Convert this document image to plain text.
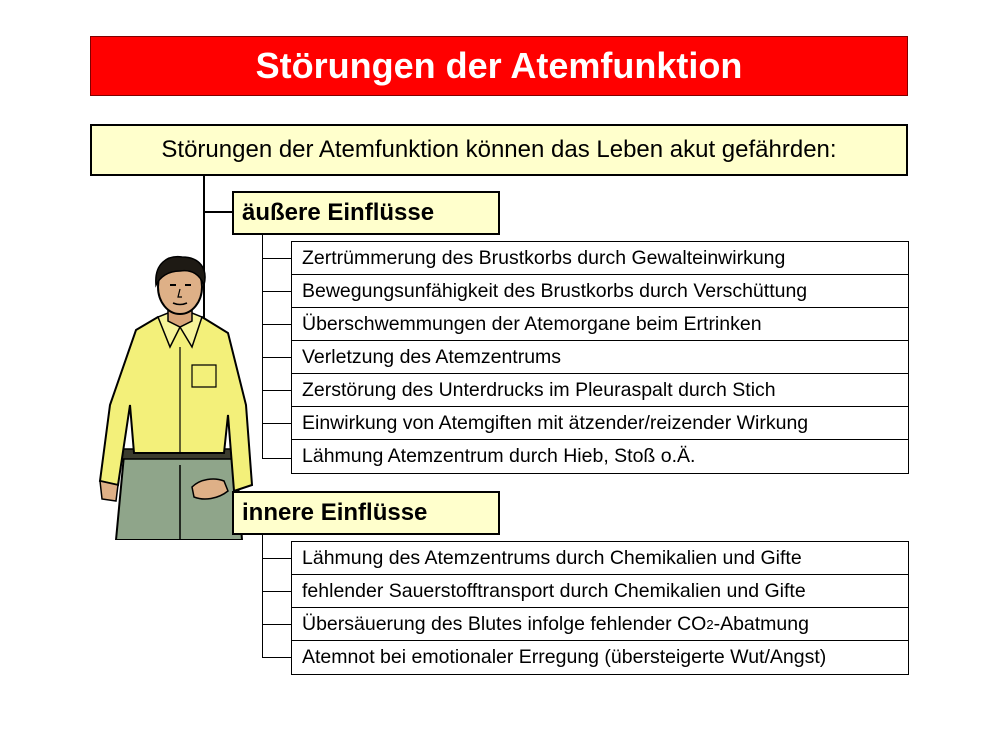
Störungen der Atemfunktion
Störungen der Atemfunktion können das Leben akut gefährden:
äußere Einflüsse
Zertrümmerung des Brustkorbs durch Gewalteinwirkung
Bewegungsunfähigkeit des Brustkorbs durch Verschüttung
Überschwemmungen der Atemorgane beim Ertrinken
Verletzung des Atemzentrums
Zerstörung des Unterdrucks im Pleuraspalt durch Stich
Einwirkung von Atemgiften mit ätzender/reizender Wirkung
Lähmung Atemzentrum durch Hieb, Stoß o.Ä.
innere Einflüsse
Lähmung des Atemzentrums durch Chemikalien und Gifte
fehlender Sauerstofftransport durch Chemikalien und Gifte
Übersäuerung des Blutes infolge fehlender CO 2 -Abatmung
Atemnot bei emotionaler Erregung (übersteigerte Wut/Angst)
